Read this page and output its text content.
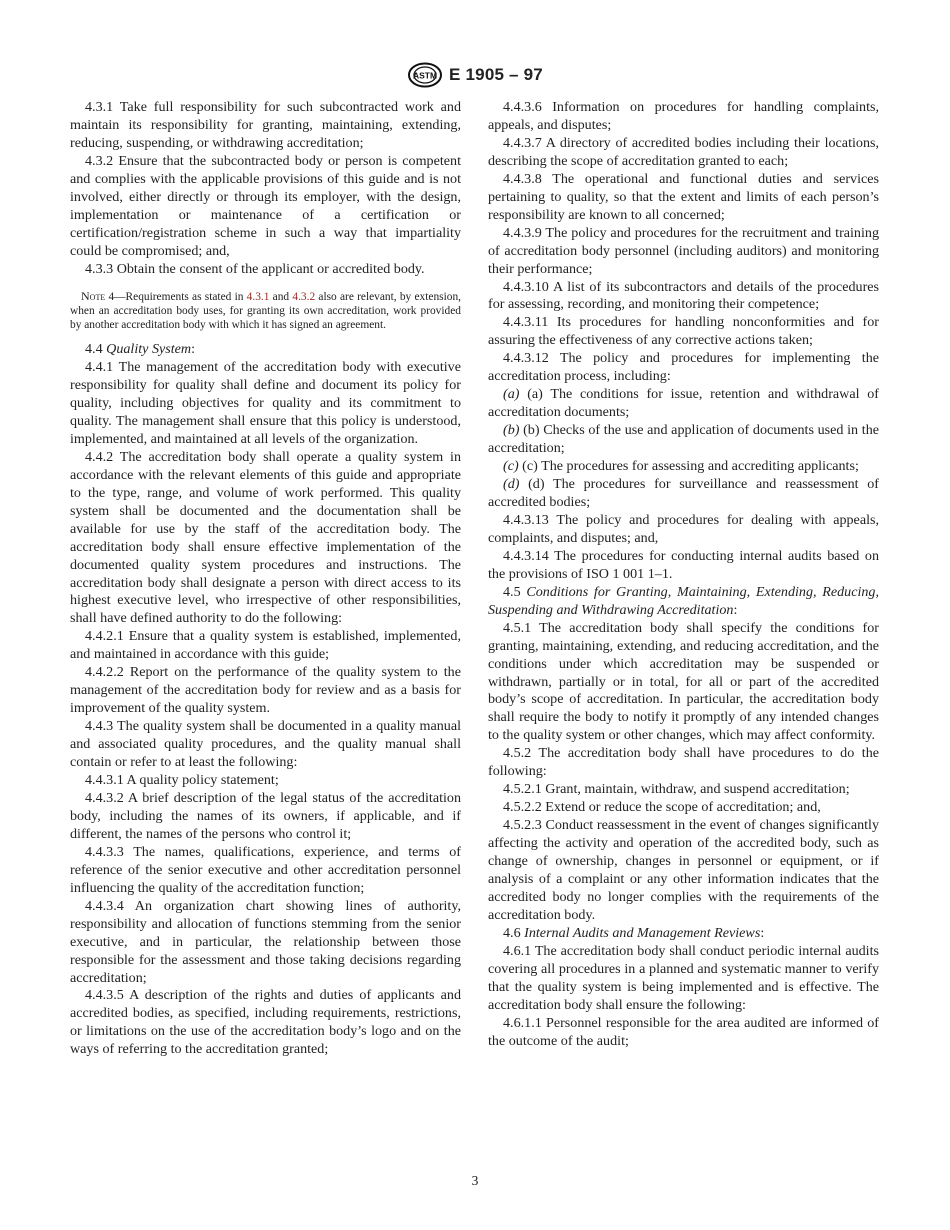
ASTM E 1905 – 97

4.3.1 Take full responsibility for such subcontracted work and maintain its responsibility for granting, maintaining, extending, reducing, suspending, or withdrawing accreditation;

4.3.2 Ensure that the subcontracted body or person is competent and complies with the applicable provisions of this guide and is not involved, either directly or through its employer, with the design, implementation or maintenance of a certification or certification/registration scheme in such a way that impartiality could be compromised; and,

4.3.3 Obtain the consent of the applicant or accredited body.

Note 4—Requirements as stated in 4.3.1 and 4.3.2 also are relevant, by extension, when an accreditation body uses, for granting its own accreditation, work provided by another accreditation body with which it has signed an agreement.

4.4 Quality System:

4.4.1 The management of the accreditation body with executive responsibility for quality shall define and document its policy for quality, including objectives for quality and its commitment to quality. The management shall ensure that this policy is understood, implemented, and maintained at all levels of the organization.

4.4.2 The accreditation body shall operate a quality system in accordance with the relevant elements of this guide and appropriate to the type, range, and volume of work performed. This quality system shall be documented and the documentation shall be available for use by the staff of the accreditation body. The accreditation body shall ensure effective implementation of the documented quality system procedures and instructions. The accreditation body shall designate a person with direct access to its highest executive level, who irrespective of other responsibilities, shall have defined authority to do the following:

4.4.2.1 Ensure that a quality system is established, implemented, and maintained in accordance with this guide;

4.4.2.2 Report on the performance of the quality system to the management of the accreditation body for review and as a basis for improvement of the quality system.

4.4.3 The quality system shall be documented in a quality manual and associated quality procedures, and the quality manual shall contain or refer to at least the following:

4.4.3.1 A quality policy statement;

4.4.3.2 A brief description of the legal status of the accreditation body, including the names of its owners, if applicable, and if different, the names of the persons who control it;

4.4.3.3 The names, qualifications, experience, and terms of reference of the senior executive and other accreditation personnel influencing the quality of the accreditation function;

4.4.3.4 An organization chart showing lines of authority, responsibility and allocation of functions stemming from the senior executive, and in particular, the relationship between those responsible for the assessment and those taking decisions regarding accreditation;

4.4.3.5 A description of the rights and duties of applicants and accredited bodies, as specified, including requirements, restrictions, or limitations on the use of the accreditation body’s logo and on the ways of referring to the accreditation granted;

4.4.3.6 Information on procedures for handling complaints, appeals, and disputes;

4.4.3.7 A directory of accredited bodies including their locations, describing the scope of accreditation granted to each;

4.4.3.8 The operational and functional duties and services pertaining to quality, so that the extent and limits of each person’s responsibility are known to all concerned;

4.4.3.9 The policy and procedures for the recruitment and training of accreditation body personnel (including auditors) and monitoring their performance;

4.4.3.10 A list of its subcontractors and details of the procedures for assessing, recording, and monitoring their competence;

4.4.3.11 Its procedures for handling nonconformities and for assuring the effectiveness of any corrective actions taken;

4.4.3.12 The policy and procedures for implementing the accreditation process, including:

(a) (a) The conditions for issue, retention and withdrawal of accreditation documents;

(b) (b) Checks of the use and application of documents used in the accreditation;

(c) (c) The procedures for assessing and accrediting applicants;

(d) (d) The procedures for surveillance and reassessment of accredited bodies;

4.4.3.13 The policy and procedures for dealing with appeals, complaints, and disputes; and,

4.4.3.14 The procedures for conducting internal audits based on the provisions of ISO 1 001 1–1.

4.5 Conditions for Granting, Maintaining, Extending, Reducing, Suspending and Withdrawing Accreditation:

4.5.1 The accreditation body shall specify the conditions for granting, maintaining, extending, and reducing accreditation, and the conditions under which accreditation may be suspended or withdrawn, partially or in total, for all or part of the accredited body’s scope of accreditation. In particular, the accreditation body shall require the body to notify it promptly of any intended changes to the quality system or other changes, which may affect conformity.

4.5.2 The accreditation body shall have procedures to do the following:

4.5.2.1 Grant, maintain, withdraw, and suspend accreditation;

4.5.2.2 Extend or reduce the scope of accreditation; and,

4.5.2.3 Conduct reassessment in the event of changes significantly affecting the activity and operation of the accredited body, such as change of ownership, changes in personnel or equipment, or if analysis of a complaint or any other information indicates that the accredited body no longer complies with the requirements of the accreditation body.

4.6 Internal Audits and Management Reviews:

4.6.1 The accreditation body shall conduct periodic internal audits covering all procedures in a planned and systematic manner to verify that the quality system is being implemented and is effective. The accreditation body shall ensure the following:

4.6.1.1 Personnel responsible for the area audited are informed of the outcome of the audit;

3
